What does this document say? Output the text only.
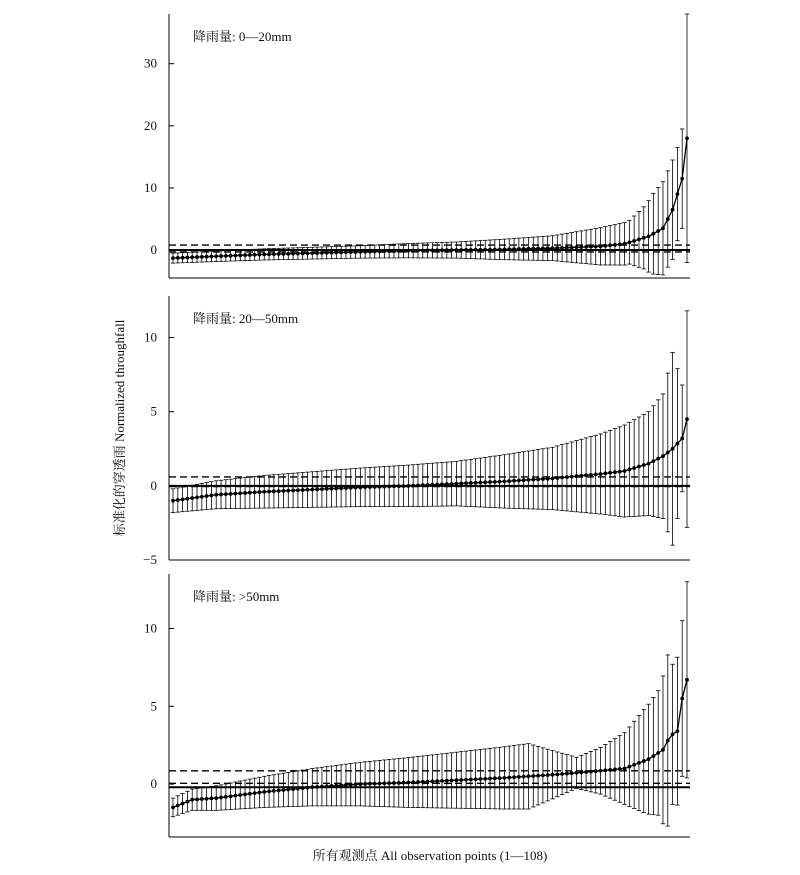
标准化的穿透雨 Normalized throughfall
所有观测点 All observation points (1—108)
0
10
20
30
降雨量: 0—20mm
−5
0
5
10
降雨量: 20—50mm
0
5
10
降雨量: >50mm
